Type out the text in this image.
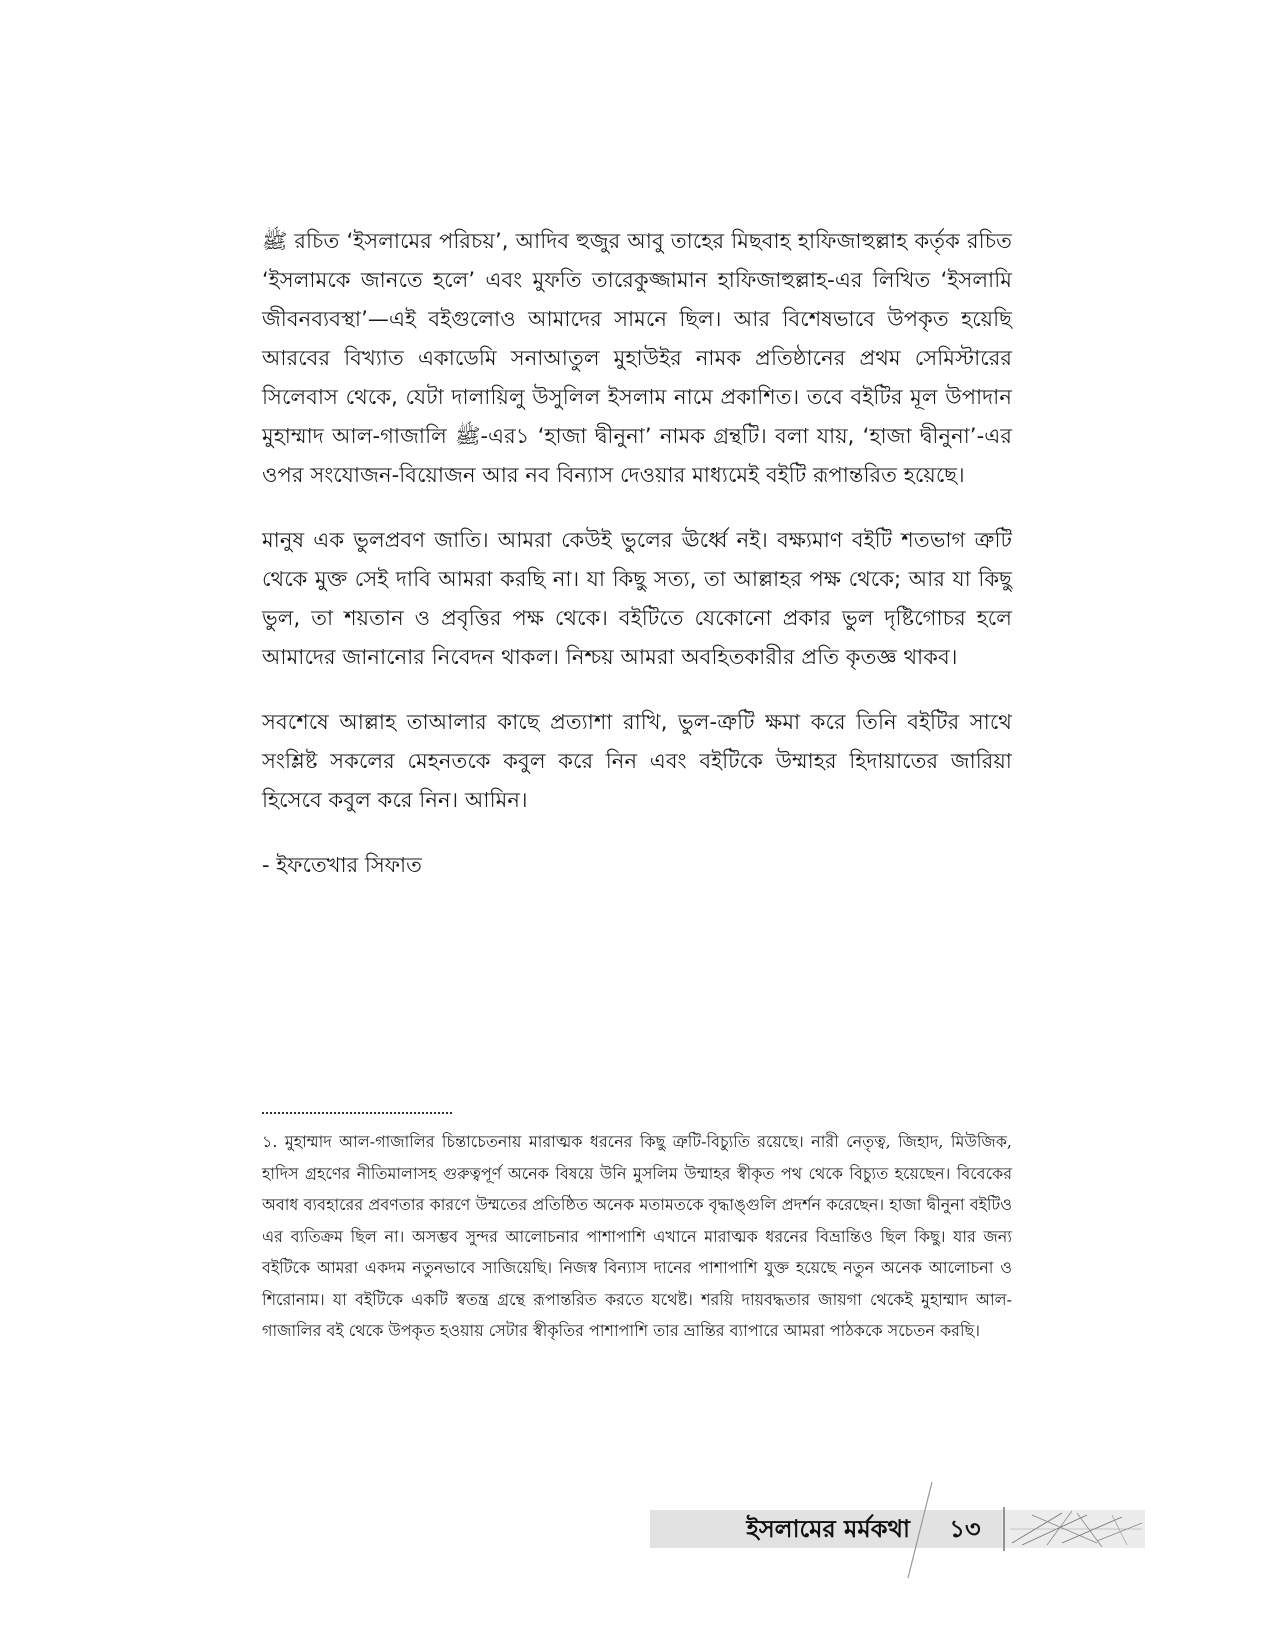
ﷺ রচিত ‘ইসলামের পরিচয়’, আদিব হুজুর আবু তাহের মিছবাহ হাফিজাহুল্লাহ কর্তৃক রচিত ‘ইসলামকে জানতে হলে’ এবং মুফতি তারেকুজ্জামান হাফিজাহুল্লাহ-এর লিখিত ‘ইসলামি জীবনব্যবস্থা’—এই বইগুলোও আমাদের সামনে ছিল। আর বিশেষভাবে উপকৃত হয়েছি আরবের বিখ্যাত একাডেমি সনাআতুল মুহাউইর নামক প্রতিষ্ঠানের প্রথম সেমিস্টারের সিলেবাস থেকে, যেটা দালায়িলু উসুলিল ইসলাম নামে প্রকাশিত। তবে বইটির মূল উপাদান মুহাম্মাদ আল-গাজালি ﷺ-এর১ ‘হাজা দ্বীনুনা’ নামক গ্রন্থটি। বলা যায়, ‘হাজা দ্বীনুনা’-এর ওপর সংযোজন-বিয়োজন আর নব বিন্যাস দেওয়ার মাধ্যমেই বইটি রূপান্তরিত হয়েছে।

মানুষ এক ভুলপ্রবণ জাতি। আমরা কেউই ভুলের ঊর্ধ্বে নই। বক্ষ্যমাণ বইটি শতভাগ ত্রুটি থেকে মুক্ত সেই দাবি আমরা করছি না। যা কিছু সত্য, তা আল্লাহর পক্ষ থেকে; আর যা কিছু ভুল, তা শয়তান ও প্রবৃত্তির পক্ষ থেকে। বইটিতে যেকোনো প্রকার ভুল দৃষ্টিগোচর হলে আমাদের জানানোর নিবেদন থাকল। নিশ্চয় আমরা অবহিতকারীর প্রতি কৃতজ্ঞ থাকব।

সবশেষে আল্লাহ তাআলার কাছে প্রত্যাশা রাখি, ভুল-ত্রুটি ক্ষমা করে তিনি বইটির সাথে সংশ্লিষ্ট সকলের মেহনতকে কবুল করে নিন এবং বইটিকে উম্মাহর হিদায়াতের জারিয়া হিসেবে কবুল করে নিন। আমিন।

- ইফতেখার সিফাত

১. মুহাম্মাদ আল-গাজালির চিন্তাচেতনায় মারাত্মক ধরনের কিছু ত্রুটি-বিচ্যুতি রয়েছে। নারী নেতৃত্ব, জিহাদ, মিউজিক, হাদিস গ্রহণের নীতিমালাসহ গুরুত্বপূর্ণ অনেক বিষয়ে উনি মুসলিম উম্মাহর স্বীকৃত পথ থেকে বিচ্যুত হয়েছেন। বিবেকের অবাধ ব্যবহারের প্রবণতার কারণে উম্মতের প্রতিষ্ঠিত অনেক মতামতকে বৃদ্ধাঙ্গুলি প্রদর্শন করেছেন। হাজা দ্বীনুনা বইটিও এর ব্যতিক্রম ছিল না। অসম্ভব সুন্দর আলোচনার পাশাপাশি এখানে মারাত্মক ধরনের বিভ্রান্তিও ছিল কিছু। যার জন্য বইটিকে আমরা একদম নতুনভাবে সাজিয়েছি। নিজস্ব বিন্যাস দানের পাশাপাশি যুক্ত হয়েছে নতুন অনেক আলোচনা ও শিরোনাম। যা বইটিকে একটি স্বতন্ত্র গ্রন্থে রূপান্তরিত করতে যথেষ্ট। শরয়ি দায়বদ্ধতার জায়গা থেকেই মুহাম্মাদ আল-গাজালির বই থেকে উপকৃত হওয়ায় সেটার স্বীকৃতির পাশাপাশি তার ভ্রান্তির ব্যাপারে আমরা পাঠককে সচেতন করছি।

ইসলামের মর্মকথা	১৩
